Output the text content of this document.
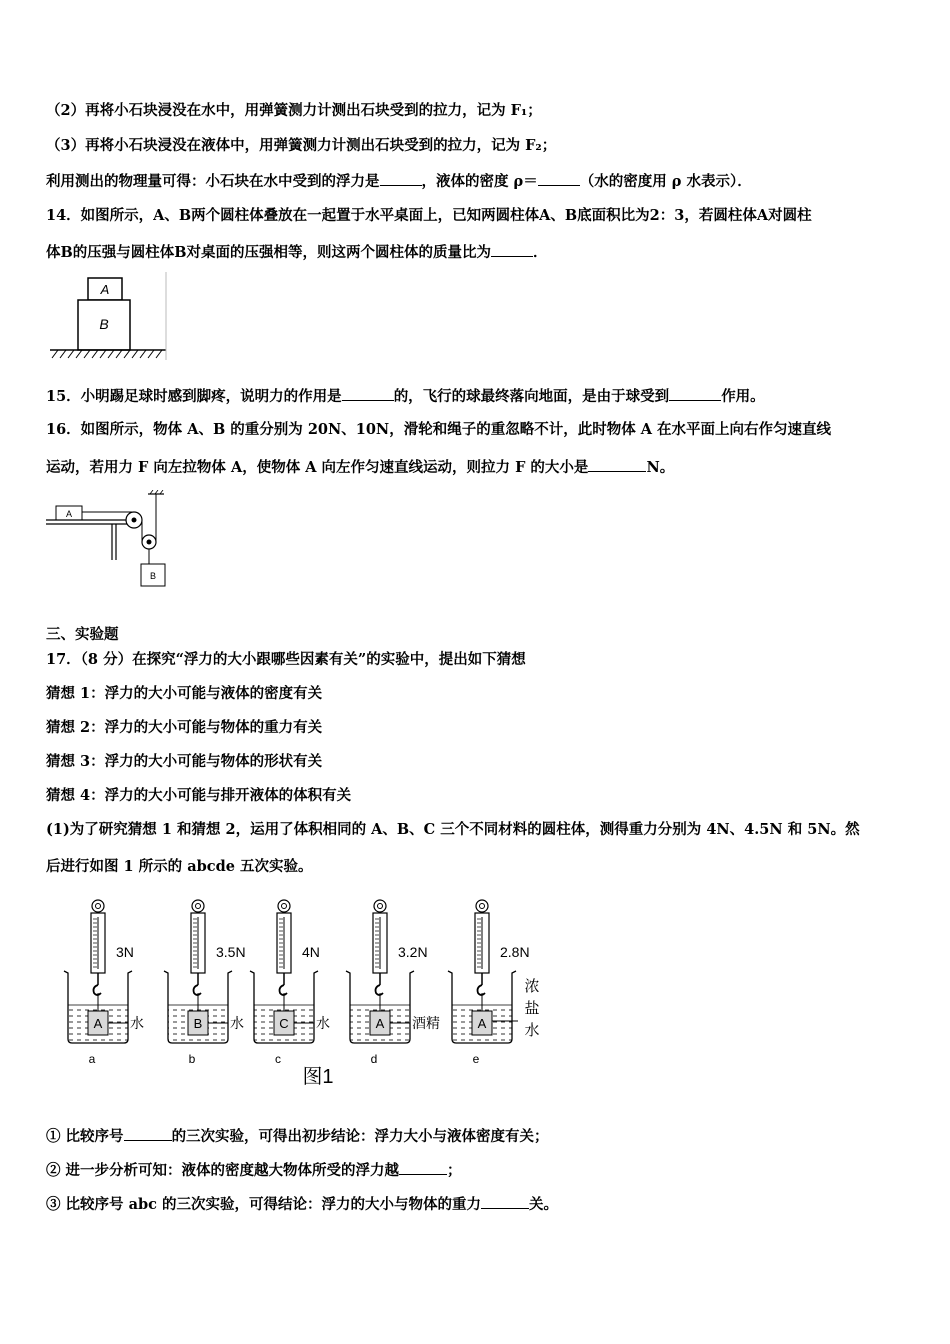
（2）再将小石块浸没在水中，用弹簧测力计测出石块受到的拉力，记为 F₁；
（3）再将小石块浸没在液体中，用弹簧测力计测出石块受到的拉力，记为 F₂；
利用测出的物理量可得：小石块在水中受到的浮力是	，液体的密度 ρ＝	（水的密度用 ρ 水表示）．
14．如图所示，A、B两个圆柱体叠放在一起置于水平桌面上，已知两圆柱体A、B底面积比为2：3，若圆柱体A对圆柱
体B的压强与圆柱体B对桌面的压强相等，则这两个圆柱体的质量比为	．
A
B
15．小明踢足球时感到脚疼，说明力的作用是	的，飞行的球最终落向地面，是由于球受到	作用。
16．如图所示，物体 A、B 的重分别为 20N、10N，滑轮和绳子的重忽略不计，此时物体 A 在水平面上向右作匀速直线
运动，若用力 F 向左拉物体 A，使物体 A 向左作匀速直线运动，则拉力 F 的大小是	N。
A
B
三、实验题
17．（8 分）在探究“浮力的大小跟哪些因素有关”的实验中，提出如下猜想
猜想 1：浮力的大小可能与液体的密度有关
猜想 2：浮力的大小可能与物体的重力有关
猜想 3：浮力的大小可能与物体的形状有关
猜想 4：浮力的大小可能与排开液体的体积有关
(1)为了研究猜想 1 和猜想 2，运用了体积相同的 A、B、C 三个不同材料的圆柱体，测得重力分别为 4N、4.5N 和 5N。然
后进行如图 1 所示的 abcde 五次实验。
图1
3N
A 水
a
3.5N
B 水
b
4N
C 水
c
3.2N
A 酒精
d
2.8N
A
浓
盐
水
e
① 比较序号	的三次实验，可得出初步结论：浮力大小与液体密度有关；
② 进一步分析可知：液体的密度越大物体所受的浮力越	；
③ 比较序号 abc 的三次实验，可得结论：浮力的大小与物体的重力	关。
